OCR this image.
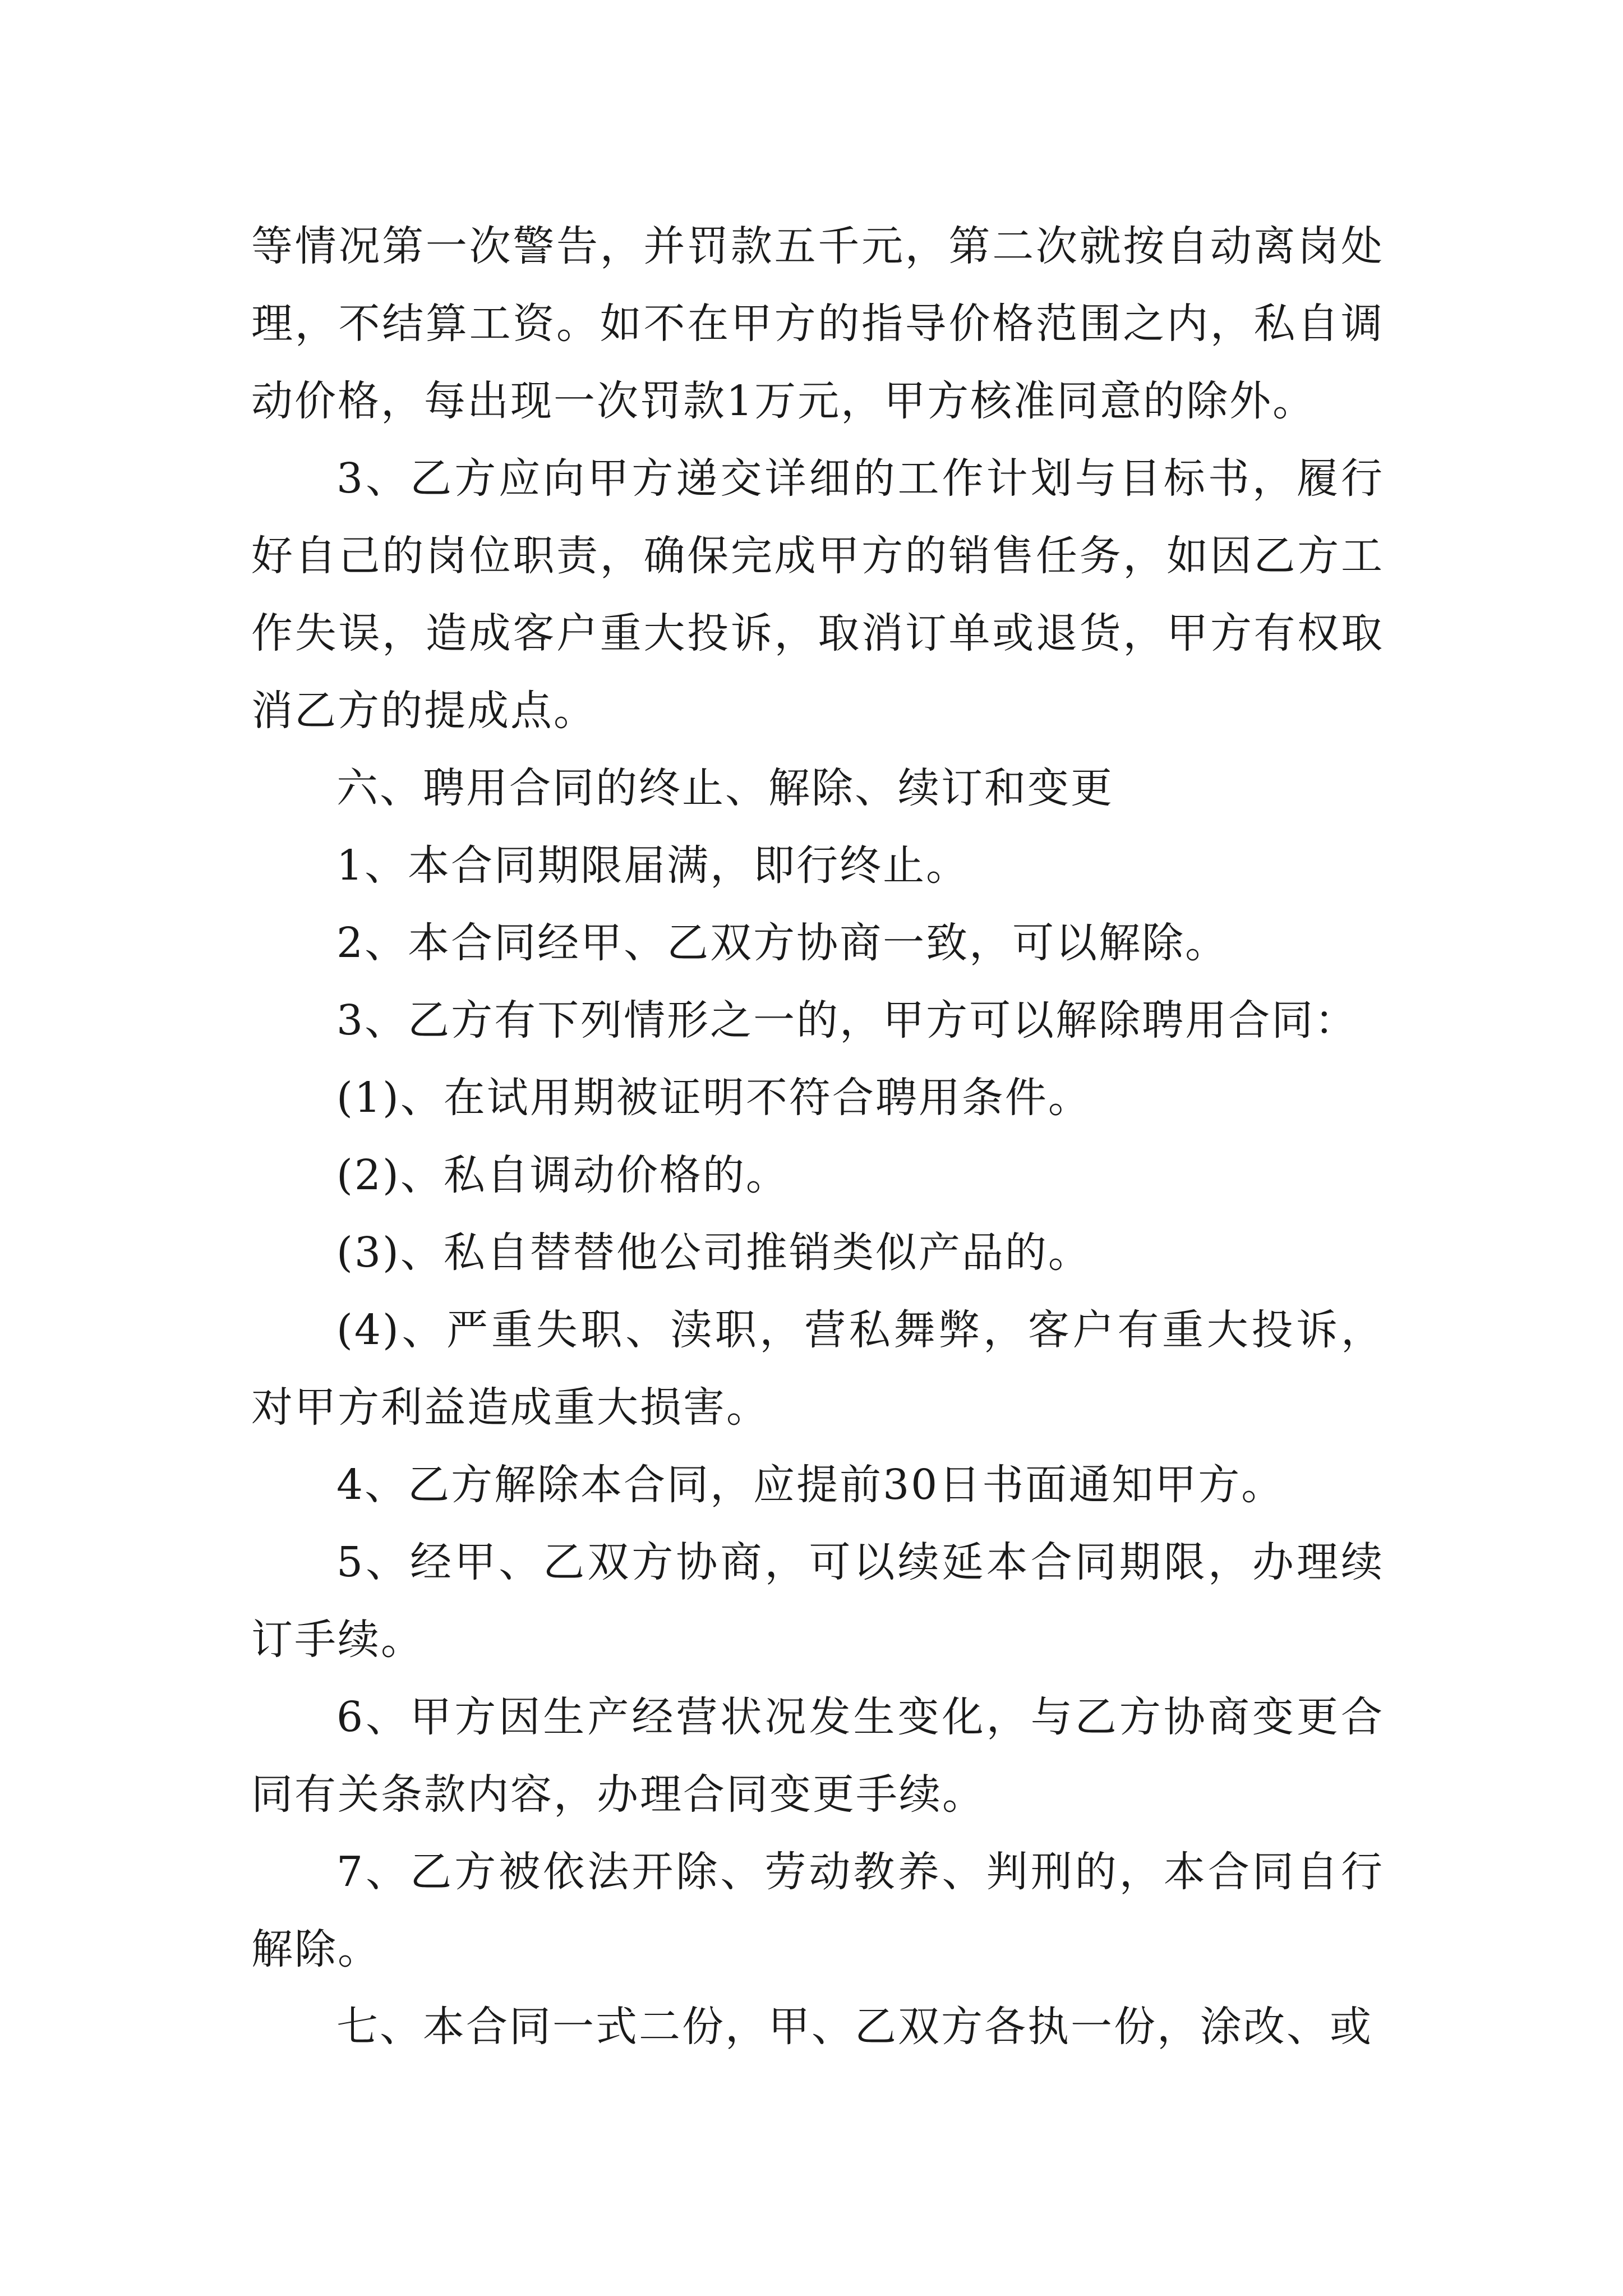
等情况第一次警告，并罚款五千元，第二次就按自动离岗处理，不结算工资。如不在甲方的指导价格范围之内，私自调动价格，每出现一次罚款1万元，甲方核准同意的除外。

3、乙方应向甲方递交详细的工作计划与目标书，履行好自己的岗位职责，确保完成甲方的销售任务，如因乙方工作失误，造成客户重大投诉，取消订单或退货，甲方有权取消乙方的提成点。

六、聘用合同的终止、解除、续订和变更

1、本合同期限届满，即行终止。

2、本合同经甲、乙双方协商一致，可以解除。

3、乙方有下列情形之一的，甲方可以解除聘用合同：

(1)、在试用期被证明不符合聘用条件。

(2)、私自调动价格的。

(3)、私自替替他公司推销类似产品的。

(4)、严重失职、渎职，营私舞弊，客户有重大投诉，对甲方利益造成重大损害。

4、乙方解除本合同，应提前30日书面通知甲方。

5、经甲、乙双方协商，可以续延本合同期限，办理续订手续。

6、甲方因生产经营状况发生变化，与乙方协商变更合同有关条款内容，办理合同变更手续。

7、乙方被依法开除、劳动教养、判刑的，本合同自行解除。

七、本合同一式二份，甲、乙双方各执一份，涂改、或
